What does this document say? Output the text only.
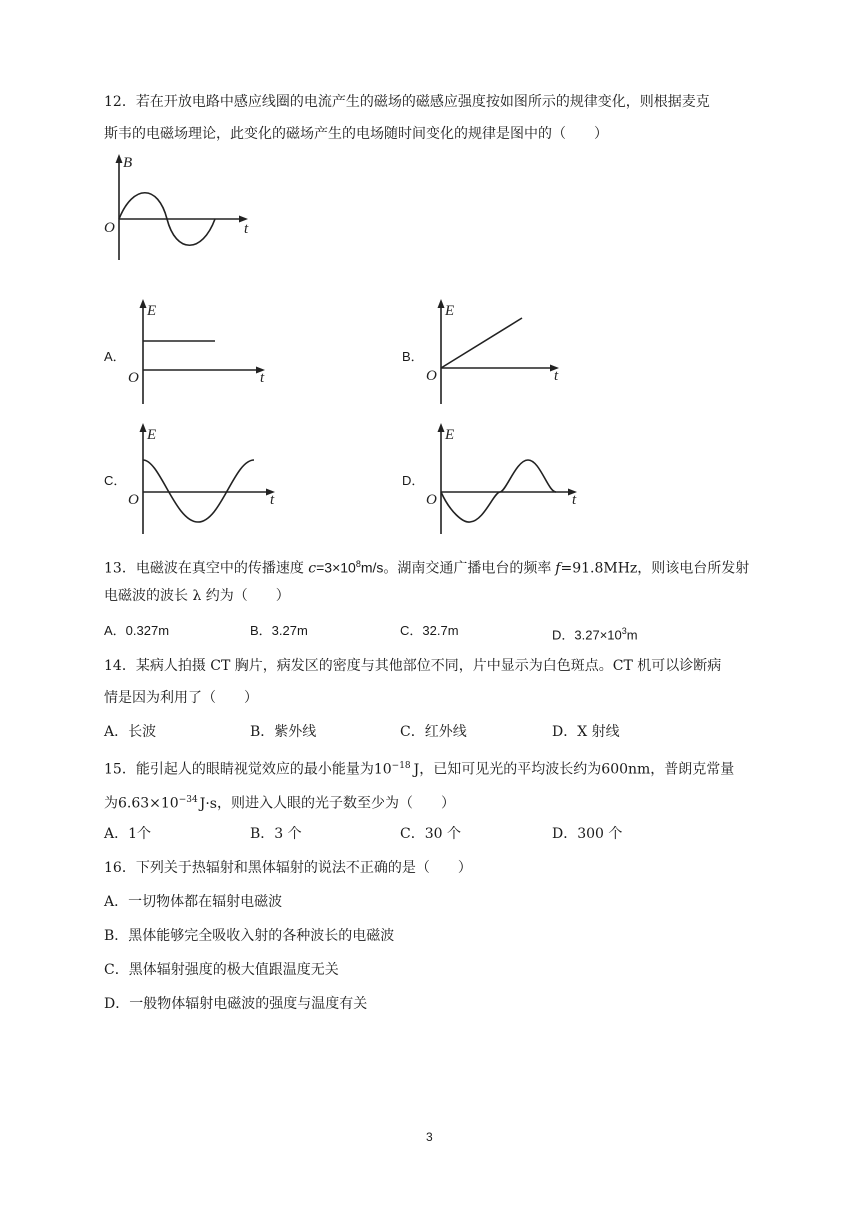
12．若在开放电路中感应线圈的电流产生的磁场的磁感应强度按如图所示的规律变化，则根据麦克
斯韦的电磁场理论，此变化的磁场产生的电场随时间变化的规律是图中的（　　）
B
O	t
A．
E
O	t
B．
E
O	t
C．
E
O	t
D．
E
O	t
13．电磁波在真空中的传播速度 $c=3\times 10^8m/s$。湖南交通广播电台的频率 f=91.8MHz，则该电台所发射
电磁波的波长 λ 约为（　　）
A．0.327m	B．3.27m	C．32.7m	D．$3.27\times 10^3m$
14．某病人拍摄 CT 胸片，病发区的密度与其他部位不同，片中显示为白色斑点。CT 机可以诊断病
情是因为利用了（　　）
A．长波	B．紫外线	C．红外线	D．X 射线
15．能引起人的眼睛视觉效应的最小能量为$10^{-18}$ J，已知可见光的平均波长约为600nm，普朗克常量
为$6.63\times 10^{-34}$ J·s，则进入人眼的光子数至少为（　　）
A．1个	B．3 个	C．30 个	D．300 个
16．下列关于热辐射和黑体辐射的说法不正确的是（　　）
A．一切物体都在辐射电磁波
B．黑体能够完全吸收入射的各种波长的电磁波
C．黑体辐射强度的极大值跟温度无关
D．一般物体辐射电磁波的强度与温度有关
3
